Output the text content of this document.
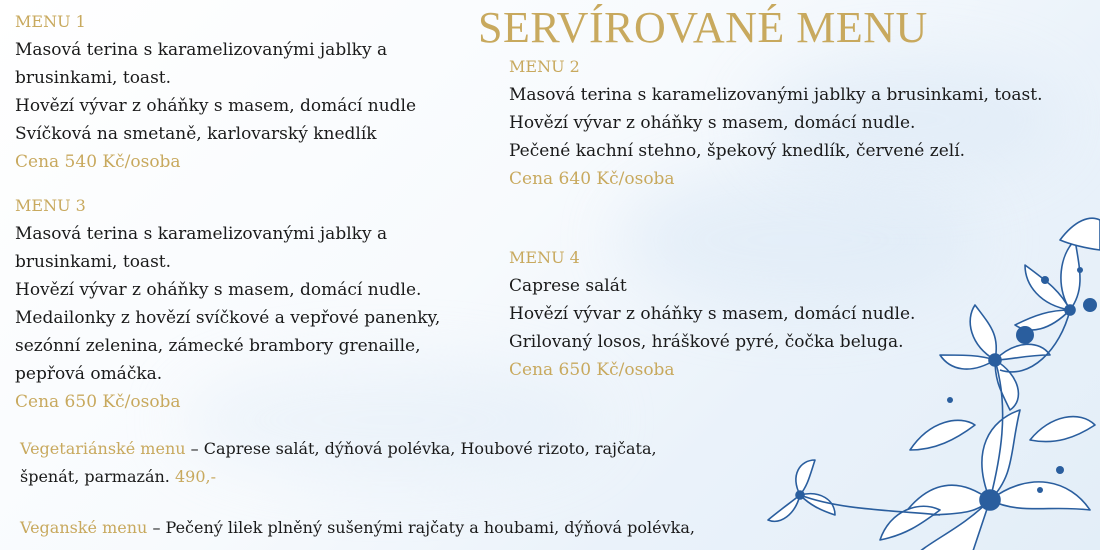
SERVÍROVANÉ MENU
MENU 1
Masová terina s karamelizovanými jablky a brusinkami, toast.
Hovězí vývar z oháňky s masem, domácí nudle
Svíčková na smetaně, karlovarský knedlík
Cena 540 Kč/osoba
MENU 2
Masová terina s karamelizovanými jablky a brusinkami, toast.
Hovězí vývar z oháňky s masem, domácí nudle.
Pečené kachní stehno, špekový knedlík, červené zelí.
Cena 640 Kč/osoba
MENU 3
Masová terina s karamelizovanými jablky a brusinkami, toast.
Hovězí vývar z oháňky s masem, domácí nudle.
Medailonky z hovězí svíčkové a vepřové panenky, sezónní zelenina, zámecké brambory grenaille, pepřová omáčka.
Cena 650 Kč/osoba
MENU 4
Caprese salát
Hovězí vývar z oháňky s masem, domácí nudle.
Grilovaný losos, hráškové pyré, čočka beluga.
Cena 650 Kč/osoba
Vegetariánské menu – Caprese salát, dýňová polévka, Houbové rizoto, rajčata, špenát, parmazán. 490,-
Veganské menu – Pečený lilek plněný sušenými rajčaty a houbami, dýňová polévka,
